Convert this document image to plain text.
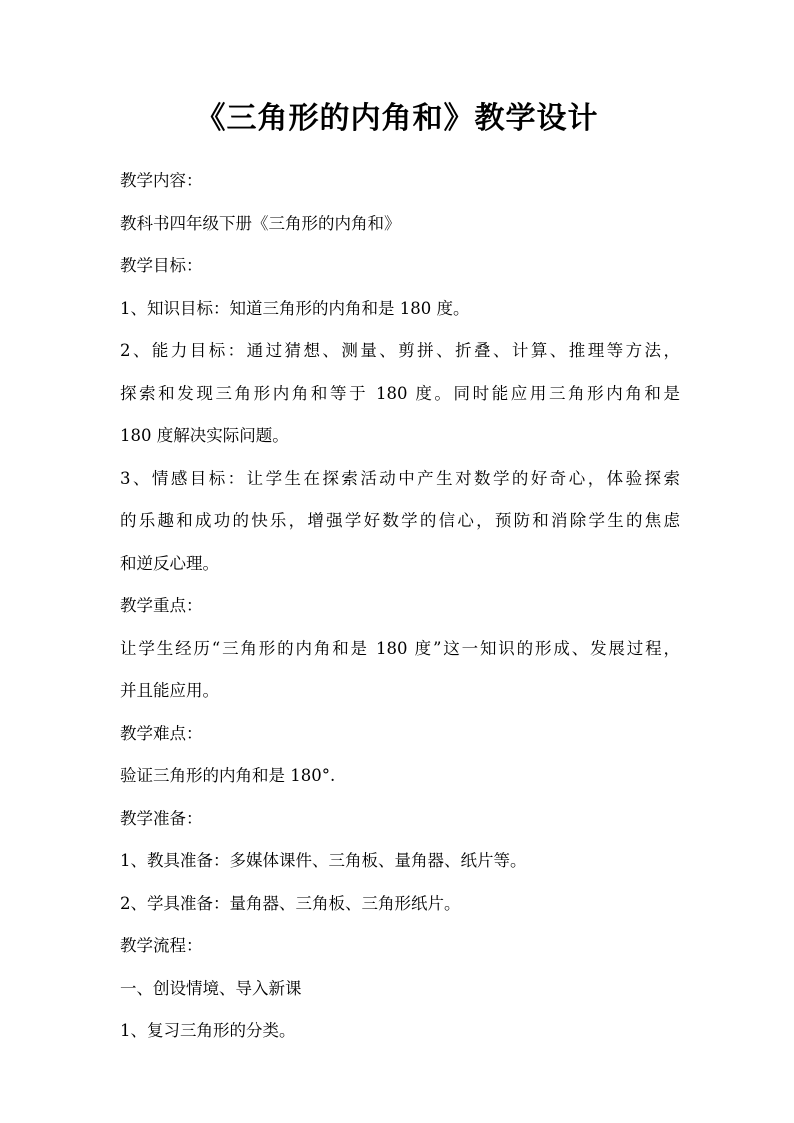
《三角形的内角和》教学设计

教学内容：

教科书四年级下册《三角形的内角和》

教学目标：

1、知识目标：知道三角形的内角和是 180 度。

2、能力目标：通过猜想、测量、剪拼、折叠、计算、推理等方法，

探索和发现三角形内角和等于 180 度。同时能应用三角形内角和是

180 度解决实际问题。

3、情感目标：让学生在探索活动中产生对数学的好奇心，体验探索

的乐趣和成功的快乐，增强学好数学的信心，预防和消除学生的焦虑

和逆反心理。

教学重点：

让学生经历“三角形的内角和是 180 度”这一知识的形成、发展过程，

并且能应用。

教学难点：

验证三角形的内角和是 180°.

教学准备：

1、教具准备：多媒体课件、三角板、量角器、纸片等。

2、学具准备：量角器、三角板、三角形纸片。

教学流程：

一、创设情境、导入新课

1、复习三角形的分类。
